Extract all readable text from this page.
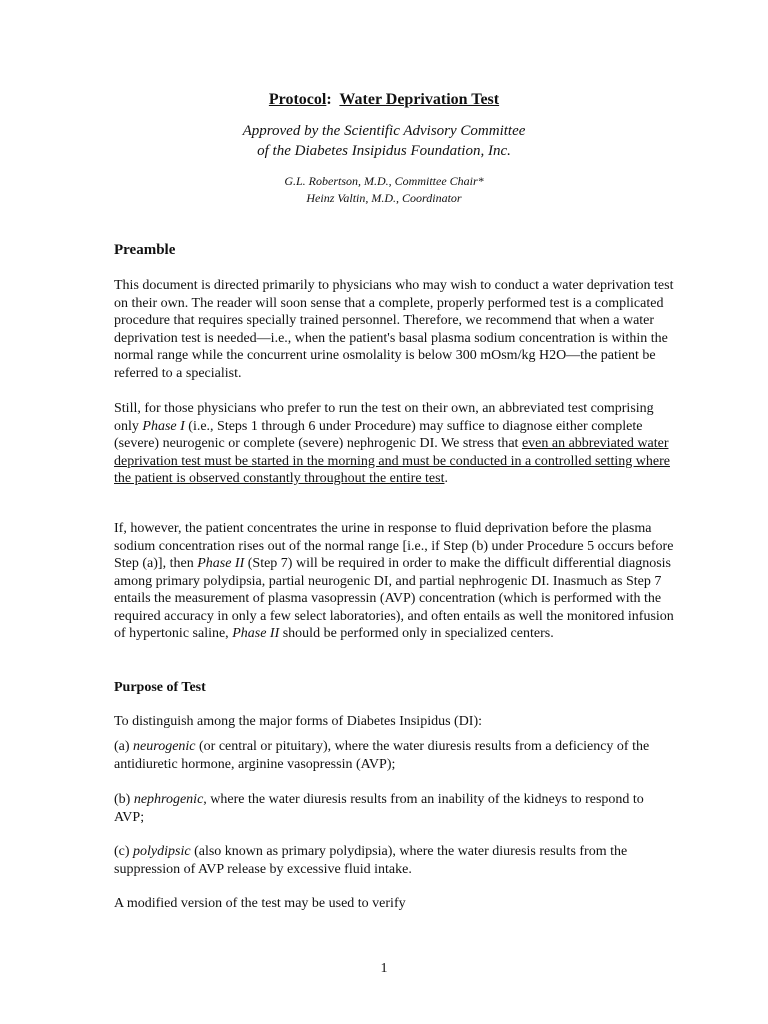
Protocol: Water Deprivation Test
Approved by the Scientific Advisory Committee
of the Diabetes Insipidus Foundation, Inc.
G.L. Robertson, M.D., Committee Chair*
Heinz Valtin, M.D., Coordinator
Preamble

This document is directed primarily to physicians who may wish to conduct a water deprivation test on their own. The reader will soon sense that a complete, properly performed test is a complicated procedure that requires specially trained personnel. Therefore, we recommend that when a water deprivation test is needed—i.e., when the patient's basal plasma sodium concentration is within the normal range while the concurrent urine osmolality is below 300 mOsm/kg H2O—the patient be referred to a specialist.

Still, for those physicians who prefer to run the test on their own, an abbreviated test comprising only Phase I (i.e., Steps 1 through 6 under Procedure) may suffice to diagnose either complete (severe) neurogenic or complete (severe) nephrogenic DI. We stress that even an abbreviated water deprivation test must be started in the morning and must be conducted in a controlled setting where the patient is observed constantly throughout the entire test.

If, however, the patient concentrates the urine in response to fluid deprivation before the plasma sodium concentration rises out of the normal range [i.e., if Step (b) under Procedure 5 occurs before Step (a)], then Phase II (Step 7) will be required in order to make the difficult differential diagnosis among primary polydipsia, partial neurogenic DI, and partial nephrogenic DI. Inasmuch as Step 7 entails the measurement of plasma vasopressin (AVP) concentration (which is performed with the required accuracy in only a few select laboratories), and often entails as well the monitored infusion of hypertonic saline, Phase II should be performed only in specialized centers.

Purpose of Test

To distinguish among the major forms of Diabetes Insipidus (DI):

(a) neurogenic (or central or pituitary), where the water diuresis results from a deficiency of the antidiuretic hormone, arginine vasopressin (AVP);

(b) nephrogenic, where the water diuresis results from an inability of the kidneys to respond to AVP;

(c) polydipsic (also known as primary polydipsia), where the water diuresis results from the suppression of AVP release by excessive fluid intake.

A modified version of the test may be used to verify

1
